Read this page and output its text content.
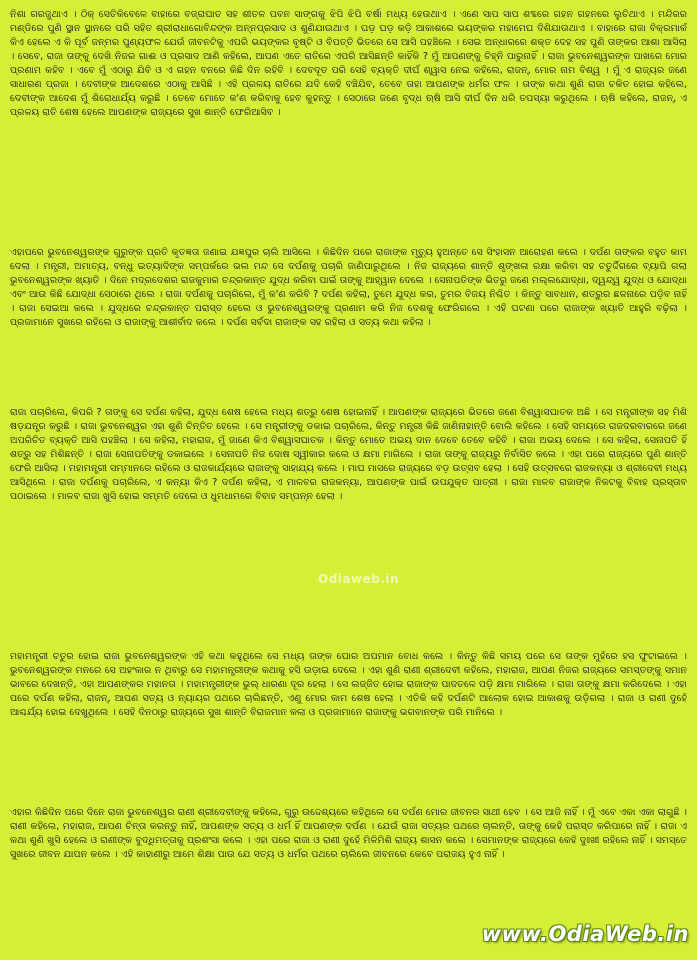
ନିଶା ଗରଜୁଥାଏ । ଠିକ୍ ସେତିକିବେଳେ ବାହାରେ ବଜ୍ରାଘାତ ସହ ଶୀତଳ ପବନ ସାଙ୍ଗକୁ ଝିପି ଝିପି ବର୍ଷା ମଧ୍ୟ ହେଉଥାଏ । ଏଣେ ସାପ ସାପ ଶବ୍ଦରେ ଗହନ ଗହନରେ ଲୁଚିଥାଏ । ମନ୍ଦିରର ମଣ୍ଡିରେ ପୁଣି ସ୍ଥାନ ସ୍ଥାନରେ ପରି ସହିତ ଶ୍ରୀରାଧାଗୋବିନ୍ଦଙ୍କ ଅନ୍ନପ୍ରସାଦ ଓ ଶୁଣିଯାଉଥାଏ । ଘଡ଼ ଘଡ଼ କଡ଼ି ଆକାଶରେ ଭୟଙ୍କର ମହାମେଘ ଦିଶିଯାଉଥାଏ । ବାହାରେ ରାଜା ବିକ୍ରମାର୍କ କିଏ ହେଲେ ଏ କି ପୂର୍ବ ଜନ୍ମର ପୁଣ୍ୟଫଳ ଯେଉଁ ଜୀବନଟିକୁ ଏପରି ଭୟଙ୍କର ବୃଷ୍ଟି ଓ ବିପତ୍ତି ଭିତରେ ସେ ଆସି ପହଞ୍ଚିଲେ । ସେଇ ଅନ୍ଧାରରେ ଶକ୍ତ ଦେହ ସହ ପୁଣି ତାଙ୍କର ଆଶା ଆସିଲା । ସେବେ, ରାଜା ତାଙ୍କୁ ଦେଖି ନିଜର ଗାଈ ଓ ପ୍ରସାଦ ଆଣି କହିଲେ, ଆପଣ ଏତେ ରାତିରେ ଏପରି ଆସିଛନ୍ତି କାହିଁକି ? ମୁଁ ଆପଣଙ୍କୁ ଚିହ୍ନି ପାରୁନାହିଁ । ରାଜା ଭୁବନେଶ୍ୱରଙ୍କ ପାଖରେ ମୋର ପ୍ରଣାମ କହିବ । ଏବେ ମୁଁ ଏଠାରୁ ଯିବି ଓ ଏ ଗହନ ବନରେ କିଛି ଦିନ ରହିବି । ଦେବଦୂତ ପରି ସେହି ବ୍ୟକ୍ତି ଦୀର୍ଘ ଶ୍ୱାସ ନେଇ କହିଲେ, ରାଜନ୍, ମୋର ନାମ ବିଶ୍ୱ । ମୁଁ ଏ ରାଜ୍ୟର ଜଣେ ସାଧାରଣ ପ୍ରଜା । ଦେବୀଙ୍କ ଆଦେଶରେ ଏଠାକୁ ଆସିଛି । ଏହି ପ୍ରଳୟ ରାତିରେ ଯଦି କେହି ବଞ୍ଚିଯିବ, ତେବେ ତାହା ଆପଣଙ୍କ ଧର୍ମର ଫଳ । ତାଙ୍କ କଥା ଶୁଣି ରାଜା ଚକିତ ହୋଇ କହିଲେ, ଦେବୀଙ୍କ ଆଦେଶ ମୁଁ ଶିରୋଧାର୍ଯ୍ୟ କରୁଛି । ତେବେ ମୋତେ କ'ଣ କରିବାକୁ ହେବ କୁହନ୍ତୁ । ସେଠାରେ ଜଣେ ବୃଦ୍ଧ ଋଷି ଆସି ଦୀର୍ଘ ଦିନ ଧରି ତପସ୍ୟା କରୁଥିଲେ । ଋଷି କହିଲେ, ରାଜନ୍, ଏ ପ୍ରଳୟ ରାତି ଶେଷ ହେଲେ ଆପଣଙ୍କ ରାଜ୍ୟରେ ସୁଖ ଶାନ୍ତି ଫେରିଆସିବ ।

ଏହାପରେ ଭୁବନେଶ୍ୱରଙ୍କ ଗୁରୁଙ୍କ ପ୍ରତି କୃତଜ୍ଞତା ଜଣାଇ ଯଜ୍ଞପୁର ଚାଲି ଆସିଲେ । କିଛିଦିନ ପରେ ରାଜାଙ୍କ ମୃତ୍ୟୁ ହୁଅନ୍ତେ ସେ ସିଂହାସନ ଆରୋହଣ କଲେ । ଦର୍ପଣ ତାଙ୍କର ବହୁତ କାମ ଦେଲା । ମନ୍ତ୍ରୀ, ଅମାତ୍ୟ, ବନ୍ଧୁ ଇତ୍ୟାଦିଙ୍କ ସମ୍ପର୍କରେ ଭଲ ମନ୍ଦ ସେ ଦର୍ପଣକୁ ପଚାରି ଜାଣିପାରୁଥିଲେ । ନିଜ ରାଜ୍ୟରେ ଶାନ୍ତି ଶୃଙ୍ଖଳା ରକ୍ଷା କରିବା ସହ ଚତୁର୍ଦ୍ଦିଗରେ ବ୍ୟାପି ଗଲା ଭୁବନେଶ୍ୱରଙ୍କ ଖ୍ୟାତି । ଦିନେ ମଦ୍ରଦେଶର ରାଜକୁମାର ଚନ୍ଦ୍ରକାନ୍ତ ଯୁଦ୍ଧ କରିବା ପାଇଁ ତାଙ୍କୁ ଆହ୍ୱାନ ଦେଲେ । ସେନାପତିଙ୍କ ଭିତରୁ ଜଣେ ମଲ୍ଲଯୋଦ୍ଧା, ଦ୍ୱନ୍ଦ୍ୱ ଯୁଦ୍ଧ ଓ ଯୋଦ୍ଧା ଏବଂ ଆଉ କିଛି ଯୋଦ୍ଧା ସେଠାରେ ଥିଲେ । ରାଜା ଦର୍ପଣକୁ ପଚାରିଲେ, ମୁଁ କ'ଣ କରିବି ? ଦର୍ପଣ କହିଲା, ତୁମେ ଯୁଦ୍ଧ କର, ତୁମର ବିଜୟ ନିଶ୍ଚିତ । କିନ୍ତୁ ସାବଧାନ, ଶତ୍ରୁର ଛଳନାରେ ପଡ଼ିବ ନାହିଁ । ରାଜା ସେଇଆ କଲେ । ଯୁଦ୍ଧରେ ଚନ୍ଦ୍ରକାନ୍ତ ପରାସ୍ତ ହେଲେ ଓ ଭୁବନେଶ୍ୱରଙ୍କୁ ପ୍ରଣାମ କରି ନିଜ ଦେଶକୁ ଫେରିଗଲେ । ଏହି ଘଟଣା ପରେ ରାଜାଙ୍କ ଖ୍ୟାତି ଆହୁରି ବଢ଼ିଲା । ପ୍ରଜାମାନେ ସୁଖରେ ରହିଲେ ଓ ରାଜାଙ୍କୁ ଆଶୀର୍ବାଦ କଲେ । ଦର୍ପଣ ସର୍ବଦା ରାଜାଙ୍କ ସହ ରହିଲା ଓ ସତ୍ୟ କଥା କହିଲା ।

ରାଜା ପଚାରିଲେ, କିପରି ? ତାଙ୍କୁ ସେ ଦର୍ପଣ କହିଲା, ଯୁଦ୍ଧ ଶେଷ ହେଲେ ମଧ୍ୟ ଶତ୍ରୁ ଶେଷ ହୋଇନାହିଁ । ଆପଣଙ୍କ ରାଜ୍ୟରେ ଭିତରେ ଜଣେ ବିଶ୍ୱାସଘାତକ ଅଛି । ସେ ମନ୍ତ୍ରୀଙ୍କ ସହ ମିଶି ଷଡ଼ଯନ୍ତ୍ର କରୁଛି । ରାଜା ଭୁବନେଶ୍ୱର ଏହା ଶୁଣି ଚିନ୍ତିତ ହେଲେ । ସେ ମନ୍ତ୍ରୀଙ୍କୁ ଡକାଇ ପଚାରିଲେ, କିନ୍ତୁ ମନ୍ତ୍ରୀ କିଛି ଜାଣିନାହାନ୍ତି ବୋଲି କହିଲେ । ସେହି ସମୟରେ ରାଜଦରବାରରେ ଜଣେ ଅପରିଚିତ ବ୍ୟକ୍ତି ଆସି ପହଞ୍ଚିଲା । ସେ କହିଲା, ମହାରାଜ, ମୁଁ ଜାଣେ କିଏ ବିଶ୍ୱାସଘାତକ । କିନ୍ତୁ ମୋତେ ଅଭୟ ଦାନ ଦେବେ ତେବେ କହିବି । ରାଜା ଅଭୟ ଦେଲେ । ସେ କହିଲା, ସେନାପତି ହିଁ ଶତ୍ରୁ ସହ ମିଶିଛନ୍ତି । ରାଜା ସେନାପତିଙ୍କୁ ଡକାଇଲେ । ସେନାପତି ନିଜ ଦୋଷ ସ୍ୱୀକାର କଲେ ଓ କ୍ଷମା ମାଗିଲେ । ରାଜା ତାଙ୍କୁ ରାଜ୍ୟରୁ ନିର୍ବାସିତ କଲେ । ଏହା ପରେ ରାଜ୍ୟରେ ପୁଣି ଶାନ୍ତି ଫେରି ଆସିଲା । ମହାମନ୍ତ୍ରୀ ସମ୍ମାନରେ ରହିଲେ ଓ ରାଜକାର୍ଯ୍ୟରେ ରାଜାଙ୍କୁ ସାହାଯ୍ୟ କଲେ । ମାଘ ମାସରେ ରାଜ୍ୟରେ ବଡ଼ ଉତ୍ସବ ହେଲା । ସେହି ଉତ୍ସବରେ ରାଜକନ୍ୟା ଓ ଶ୍ରୀଦେବୀ ମଧ୍ୟ ଆସିଥିଲେ । ରାଜା ଦର୍ପଣକୁ ପଚାରିଲେ, ଏ କନ୍ୟା କିଏ ? ଦର୍ପଣ କହିଲା, ଏ ମାଳବର ରାଜକନ୍ୟା, ଆପଣଙ୍କ ପାଇଁ ଉପଯୁକ୍ତ ପାତ୍ରୀ । ରାଜା ମାଳବ ରାଜାଙ୍କ ନିକଟକୁ ବିବାହ ପ୍ରସ୍ତାବ ପଠାଇଲେ । ମାଳବ ରାଜା ଖୁସି ହୋଇ ସମ୍ମତି ଦେଲେ ଓ ଧୁମଧାମରେ ବିବାହ ସମ୍ପନ୍ନ ହେଲା ।

ମହାମନ୍ତ୍ରୀ ଚତୁର ହୋଇ ରାଜା ଭୁବନେଶ୍ୱରଙ୍କ ଏହି କଥା କହୁଥିଲେ ସେ ମଧ୍ୟ ତାଙ୍କ ଘୋର ଅପମାନ ବୋଧ କଲେ । କିନ୍ତୁ କିଛି ସମୟ ପରେ ସେ ତାଙ୍କ ମୁହଁରେ ହସ ଫୁଟାଇଲେ । ଭୁବନେଶ୍ୱରଙ୍କ ମନରେ ସେ ଅହଂକାର ନ ଥିବାରୁ ସେ ମହାମନ୍ତ୍ରୀଙ୍କ କଥାକୁ ହସି ଉଡ଼ାଇ ଦେଲେ । ଏହା ଶୁଣି ରାଣୀ ଶ୍ରୀଦେବୀ କହିଲେ, ମହାରାଜ, ଆପଣ ନିଜର ରାଜ୍ୟରେ ସମସ୍ତଙ୍କୁ ସମାନ ଭାବରେ ଦେଖନ୍ତି, ଏହା ଆପଣଙ୍କର ମହାନତା । ମହାମନ୍ତ୍ରୀଙ୍କ ଭୁଲ୍ ଧାରଣା ଦୂର ହେଲା । ସେ ଲଜ୍ଜିତ ହୋଇ ରାଜାଙ୍କ ପାଦତଳେ ପଡ଼ି କ୍ଷମା ମାଗିଲେ । ରାଜା ତାଙ୍କୁ କ୍ଷମା କରିଦେଲେ । ଏହା ପରେ ଦର୍ପଣ କହିଲା, ରାଜନ୍, ଆପଣ ସତ୍ୟ ଓ ନ୍ୟାୟର ପଥରେ ଚାଲିଛନ୍ତି, ଏଣୁ ମୋର କାମ ଶେଷ ହେଲା । ଏତିକି କହି ଦର୍ପଣଟି ଆଲୋକ ହୋଇ ଆକାଶକୁ ଉଡ଼ିଗଲା । ରାଜା ଓ ରାଣୀ ଦୁହେଁ ଆଶ୍ଚର୍ଯ୍ୟ ହୋଇ ଦେଖୁଥିଲେ । ସେହି ଦିନଠାରୁ ରାଜ୍ୟରେ ସୁଖ ଶାନ୍ତି ବିରାଜମାନ କଲା ଓ ପ୍ରଜାମାନେ ରାଜାଙ୍କୁ ଭଗବାନଙ୍କ ପରି ମାନିଲେ ।

ଏହାର କିଛିଦିନ ପରେ ଦିନେ ରାଜା ଭୁବନେଶ୍ୱର ରାଣୀ ଶ୍ରୀଦେବୀଙ୍କୁ କହିଲେ, ଗୁରୁ ଉଦ୍ଦେଶ୍ୟରେ କହିଥିଲେ ସେ ଦର୍ପଣ ମୋର ଜୀବନର ସାଥୀ ହେବ । ସେ ଆଜି ନାହିଁ । ମୁଁ ଏବେ ଏକା ଏକା ଲାଗୁଛି । ରାଣୀ କହିଲେ, ମହାରାଜ, ଆପଣ ଚିନ୍ତା କରନ୍ତୁ ନାହିଁ, ଆପଣଙ୍କ ସତ୍ୟ ଓ ଧର୍ମ ହିଁ ଆପଣଙ୍କ ଦର୍ପଣ । ଯେଉଁ ରାଜା ସତ୍ୟର ପଥରେ ଚାଲନ୍ତି, ତାଙ୍କୁ କେହି ପରାସ୍ତ କରିପାରେ ନାହିଁ । ରାଜା ଏ କଥା ଶୁଣି ଖୁସି ହେଲେ ଓ ରାଣୀଙ୍କ ବୁଦ୍ଧିମତ୍ତାକୁ ପ୍ରଶଂସା କଲେ । ଏହା ପରେ ରାଜା ଓ ରାଣୀ ଦୁହେଁ ମିଳିମିଶି ରାଜ୍ୟ ଶାସନ କଲେ । ସେମାନଙ୍କ ରାଜ୍ୟରେ କେହି ଦୁଃଖୀ ରହିଲେ ନାହିଁ । ସମସ୍ତେ ସୁଖରେ ଜୀବନ ଯାପନ କଲେ । ଏହି କାହାଣୀରୁ ଆମେ ଶିକ୍ଷା ପାଉ ଯେ ସତ୍ୟ ଓ ଧର୍ମର ପଥରେ ଚାଲିଲେ ଜୀବନରେ କେବେ ପରାଜୟ ହୁଏ ନାହିଁ ।

Odiaweb.in
www.OdiaWeb.in
